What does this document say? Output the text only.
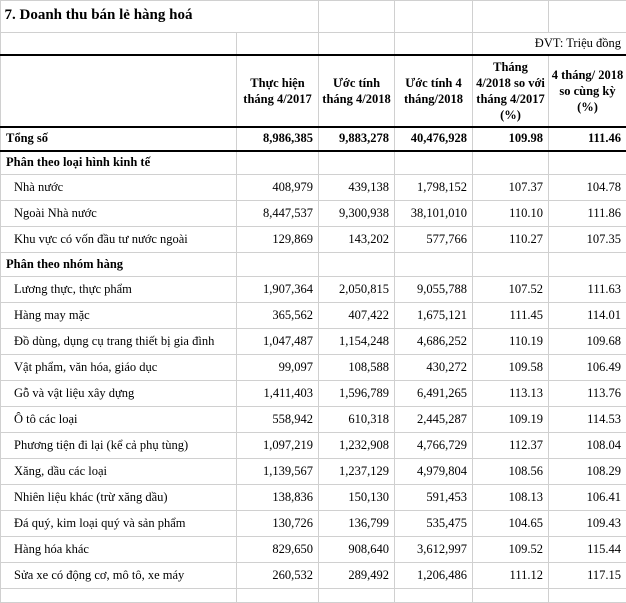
7. Doanh thu bán lẻ hàng hoá					

				ĐVT: Triệu đồng	
	Thực hiện tháng 4/2017	Ước tính tháng 4/2018	Ước tính 4 tháng/2018	Tháng 4/2018 so với tháng 4/2017 (%)	4 tháng/ 2018 so cùng kỳ (%)
Tổng số	8,986,385	9,883,278	40,476,928	109.98	111.46
Phân theo loại hình kinh tế					
Nhà nước	408,979	439,138	1,798,152	107.37	104.78
Ngoài Nhà nước	8,447,537	9,300,938	38,101,010	110.10	111.86
Khu vực có vốn đầu tư nước ngoài	129,869	143,202	577,766	110.27	107.35
Phân theo nhóm hàng					
Lương thực, thực phẩm	1,907,364	2,050,815	9,055,788	107.52	111.63
Hàng may mặc	365,562	407,422	1,675,121	111.45	114.01
Đồ dùng, dụng cụ trang thiết bị gia đình	1,047,487	1,154,248	4,686,252	110.19	109.68
Vật phẩm, văn hóa, giáo dục	99,097	108,588	430,272	109.58	106.49
Gỗ và vật liệu xây dựng	1,411,403	1,596,789	6,491,265	113.13	113.76
Ô tô các loại	558,942	610,318	2,445,287	109.19	114.53
Phương tiện đi lại (kể cả phụ tùng)	1,097,219	1,232,908	4,766,729	112.37	108.04
Xăng, dầu các loại	1,139,567	1,237,129	4,979,804	108.56	108.29
Nhiên liệu khác (trừ xăng dầu)	138,836	150,130	591,453	108.13	106.41
Đá quý, kim loại quý và sản phẩm	130,726	136,799	535,475	104.65	109.43
Hàng hóa khác	829,650	908,640	3,612,997	109.52	115.44
Sửa xe có động cơ, mô tô, xe máy	260,532	289,492	1,206,486	111.12	117.15
